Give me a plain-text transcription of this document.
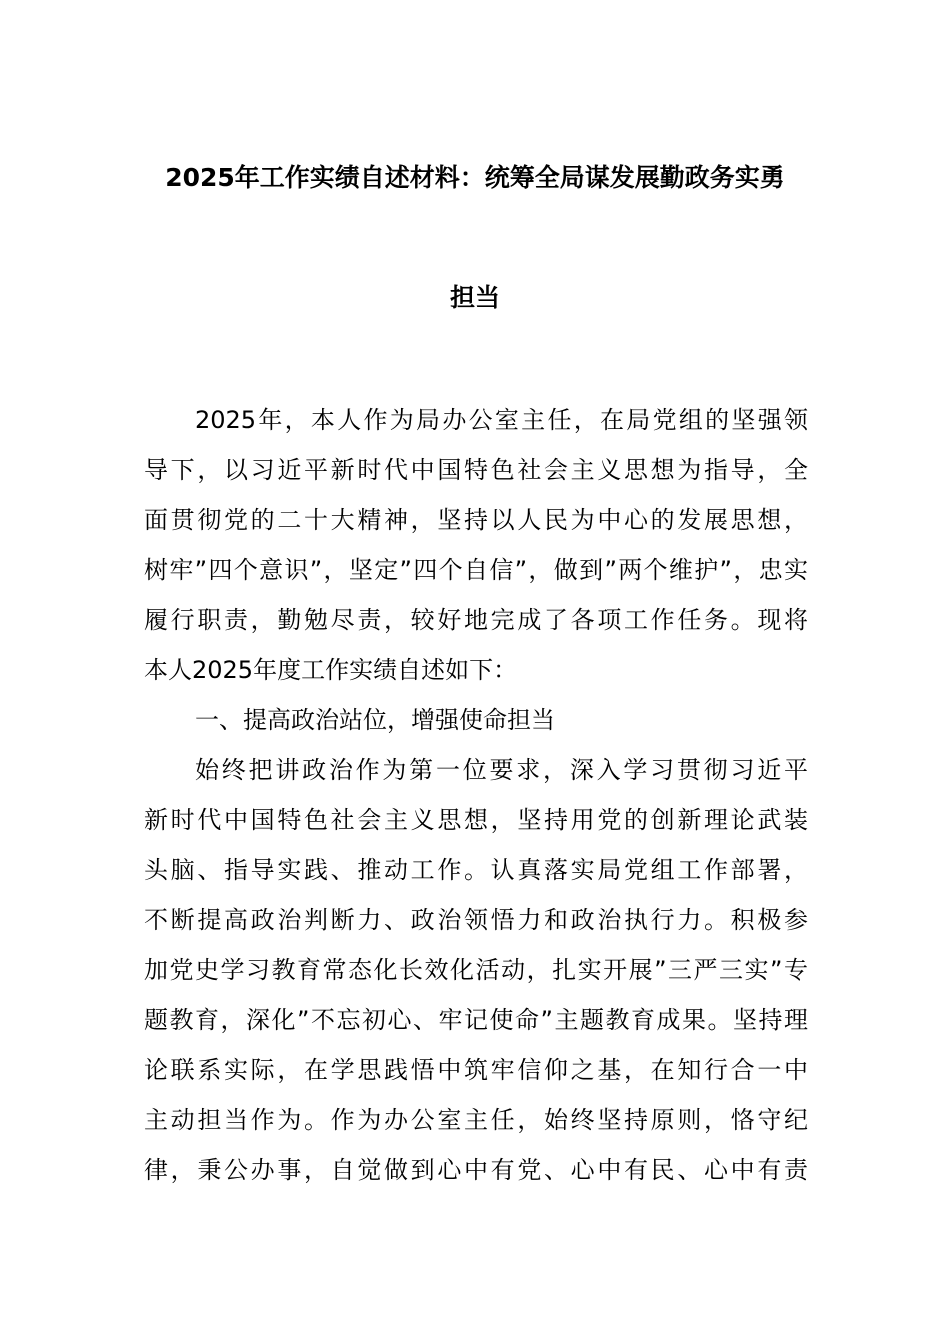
2025年工作实绩自述材料：统筹全局谋发展勤政务实勇
担当
2025年，本人作为局办公室主任，在局党组的坚强领
导下，以习近平新时代中国特色社会主义思想为指导，全
面贯彻党的二十大精神，坚持以人民为中心的发展思想，
树牢”四个意识”，坚定”四个自信”，做到”两个维护”，忠实
履行职责，勤勉尽责，较好地完成了各项工作任务。现将
本人2025年度工作实绩自述如下：
一、提高政治站位，增强使命担当
始终把讲政治作为第一位要求，深入学习贯彻习近平
新时代中国特色社会主义思想，坚持用党的创新理论武装
头脑、指导实践、推动工作。认真落实局党组工作部署，
不断提高政治判断力、政治领悟力和政治执行力。积极参
加党史学习教育常态化长效化活动，扎实开展”三严三实”专
题教育，深化”不忘初心、牢记使命”主题教育成果。坚持理
论联系实际，在学思践悟中筑牢信仰之基，在知行合一中
主动担当作为。作为办公室主任，始终坚持原则，恪守纪
律，秉公办事，自觉做到心中有党、心中有民、心中有责
